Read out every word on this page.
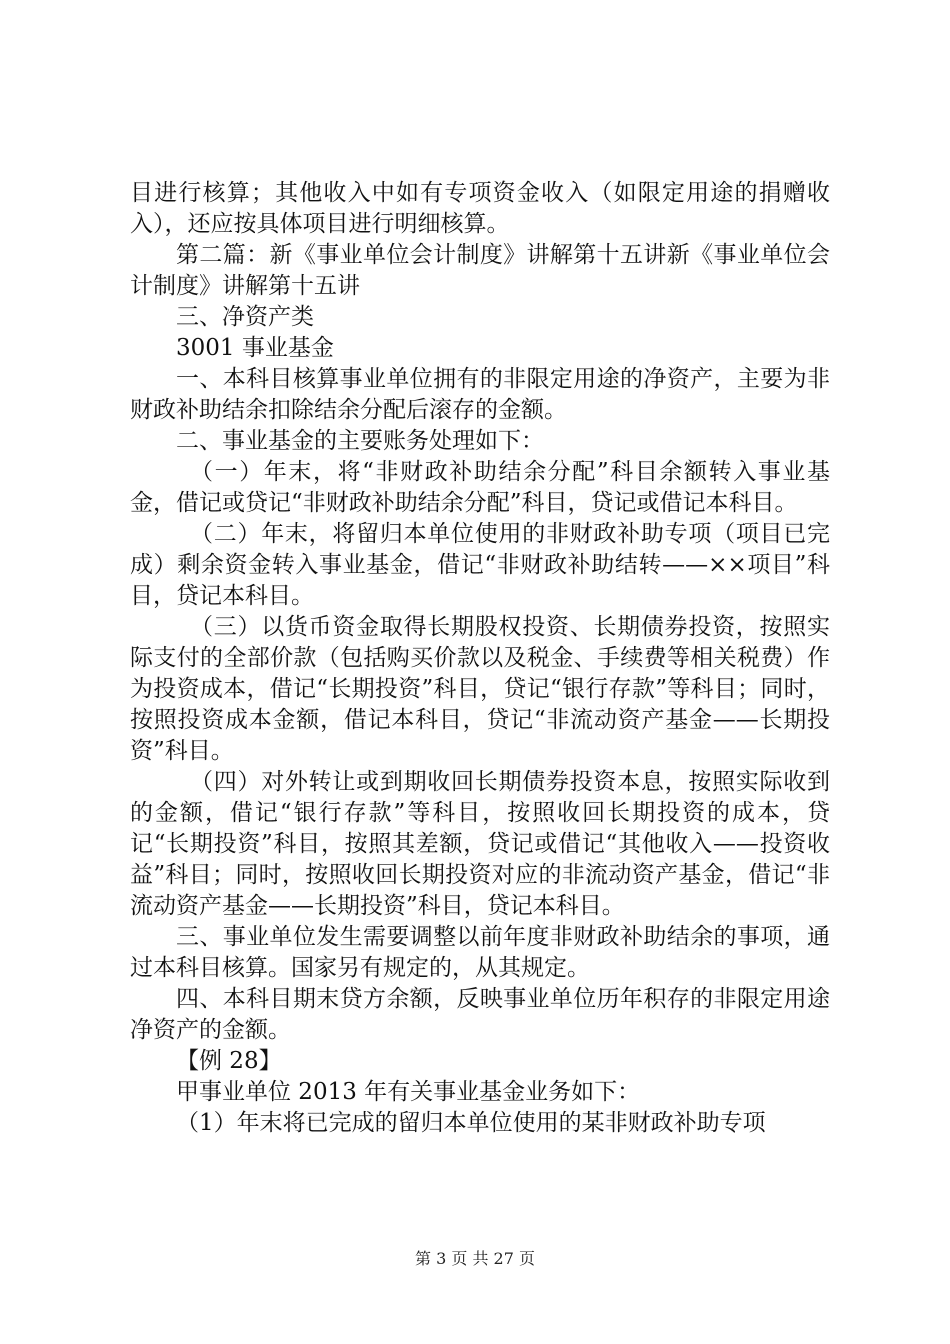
目进行核算；其他收入中如有专项资金收入（如限定用途的捐赠收入），还应按具体项目进行明细核算。

第二篇：新《事业单位会计制度》讲解第十五讲新《事业单位会计制度》讲解第十五讲

三、净资产类

3001 事业基金

一、本科目核算事业单位拥有的非限定用途的净资产，主要为非财政补助结余扣除结余分配后滚存的金额。

二、事业基金的主要账务处理如下：

（一）年末，将“非财政补助结余分配”科目余额转入事业基金，借记或贷记“非财政补助结余分配”科目，贷记或借记本科目。

（二）年末，将留归本单位使用的非财政补助专项（项目已完成）剩余资金转入事业基金，借记“非财政补助结转——××项目”科目，贷记本科目。

（三）以货币资金取得长期股权投资、长期债券投资，按照实际支付的全部价款（包括购买价款以及税金、手续费等相关税费）作为投资成本，借记“长期投资”科目，贷记“银行存款”等科目；同时，按照投资成本金额，借记本科目，贷记“非流动资产基金——长期投资”科目。

（四）对外转让或到期收回长期债券投资本息，按照实际收到的金额，借记“银行存款”等科目，按照收回长期投资的成本，贷记“长期投资”科目，按照其差额，贷记或借记“其他收入——投资收益”科目；同时，按照收回长期投资对应的非流动资产基金，借记“非流动资产基金——长期投资”科目，贷记本科目。

三、事业单位发生需要调整以前年度非财政补助结余的事项，通过本科目核算。国家另有规定的，从其规定。

四、本科目期末贷方余额，反映事业单位历年积存的非限定用途净资产的金额。

【例 28】

甲事业单位 2013 年有关事业基金业务如下：

（1）年末将已完成的留归本单位使用的某非财政补助专项

第 3 页 共 27 页
